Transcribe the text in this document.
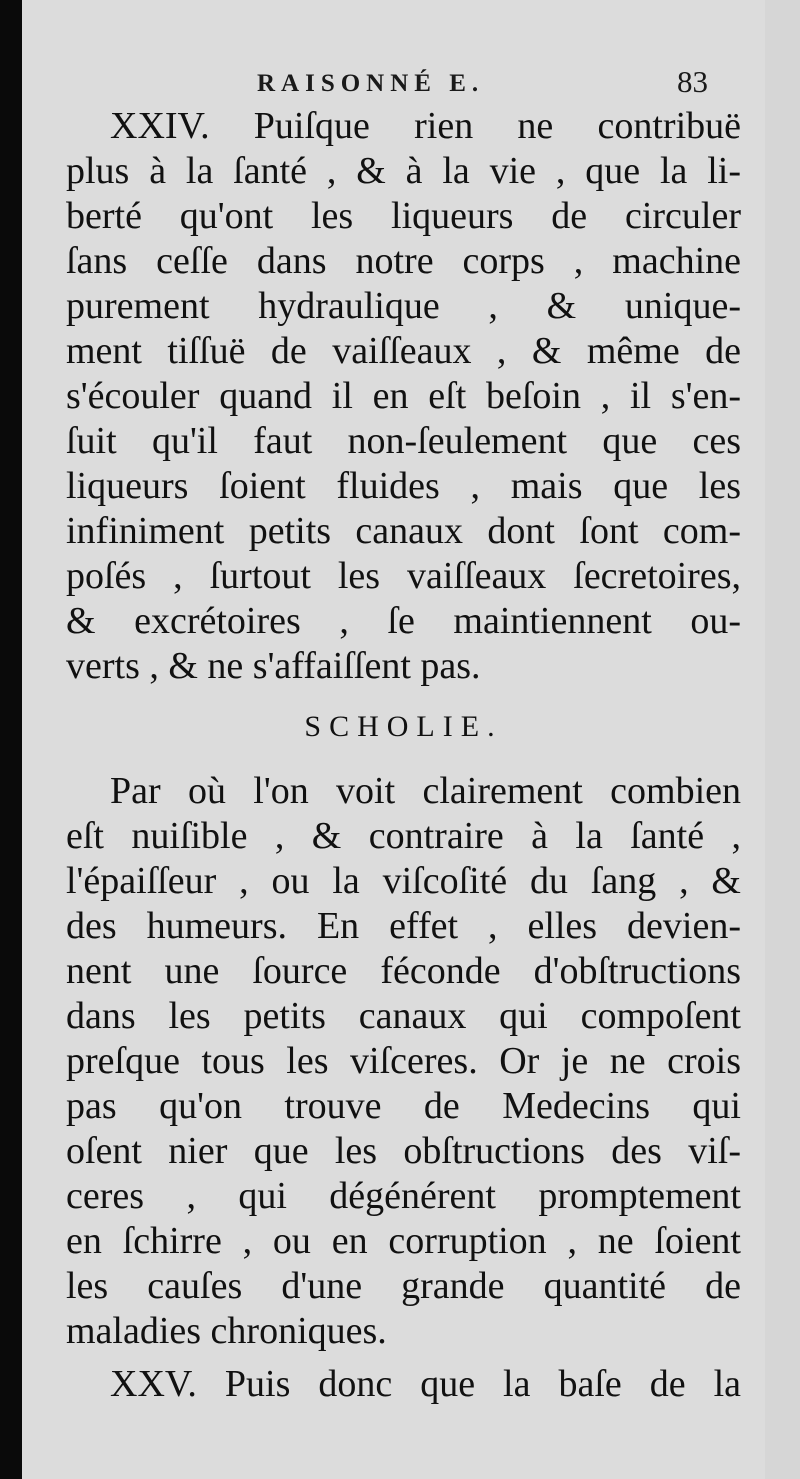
RAISONNÉ E.	83
XXIV. Puiſque rien ne contribuë
plus à la ſanté , & à la vie , que la li-
berté qu'ont les liqueurs de circuler
ſans ceſſe dans notre corps , machine
purement hydraulique , & unique-
ment tiſſuë de vaiſſeaux , & même de
s'écouler quand il en eſt beſoin , il s'en-
ſuit qu'il faut non-ſeulement que ces
liqueurs ſoient fluides , mais que les
infiniment petits canaux dont ſont com-
poſés , ſurtout les vaiſſeaux ſecretoires,
& excrétoires , ſe maintiennent ou-
verts , & ne s'affaiſſent pas.
SCHOLIE.
Par où l'on voit clairement combien
eſt nuiſible , & contraire à la ſanté ,
l'épaiſſeur , ou la viſcoſité du ſang , &
des humeurs. En effet , elles devien-
nent une ſource féconde d'obſtructions
dans les petits canaux qui compoſent
preſque tous les viſceres. Or je ne crois
pas qu'on trouve de Medecins qui
oſent nier que les obſtructions des viſ-
ceres , qui dégénérent promptement
en ſchirre , ou en corruption , ne ſoient
les cauſes d'une grande quantité de
maladies chroniques.
XXV. Puis donc que la baſe de la
